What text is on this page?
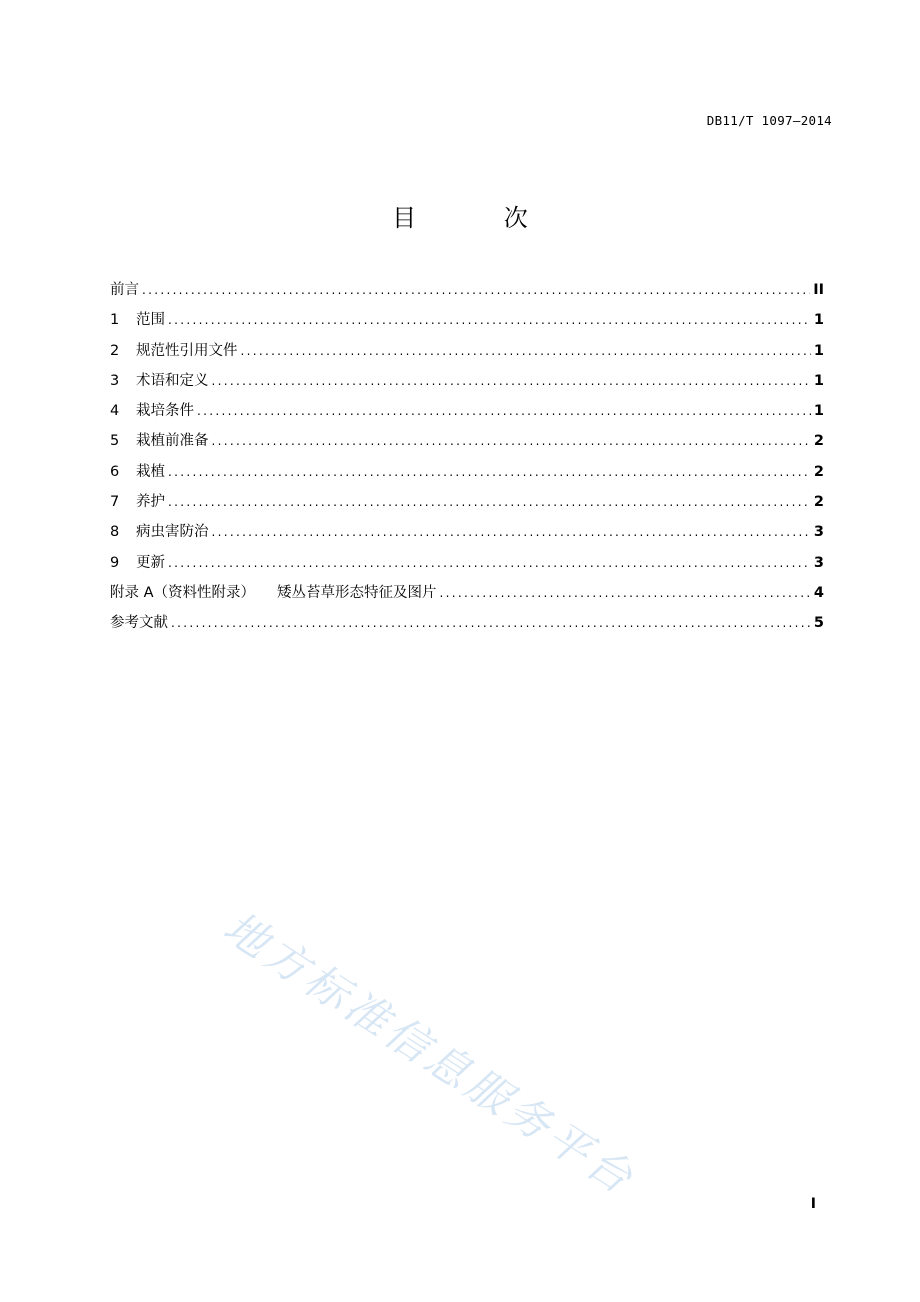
DB11/T 1097—2014
目 次
前言 .....	II
1	范围 .....	1
2	规范性引用文件 .....	1
3	术语和定义 .....	1
4	栽培条件 .....	1
5	栽植前准备 .....	2
6	栽植 .....	2
7	养护 .....	2
8	病虫害防治 .....	3
9	更新 .....	3
附录 A（资料性附录） 矮丛苔草形态特征及图片 .....	4
参考文献 .....	5
地方标准信息服务平台	I
